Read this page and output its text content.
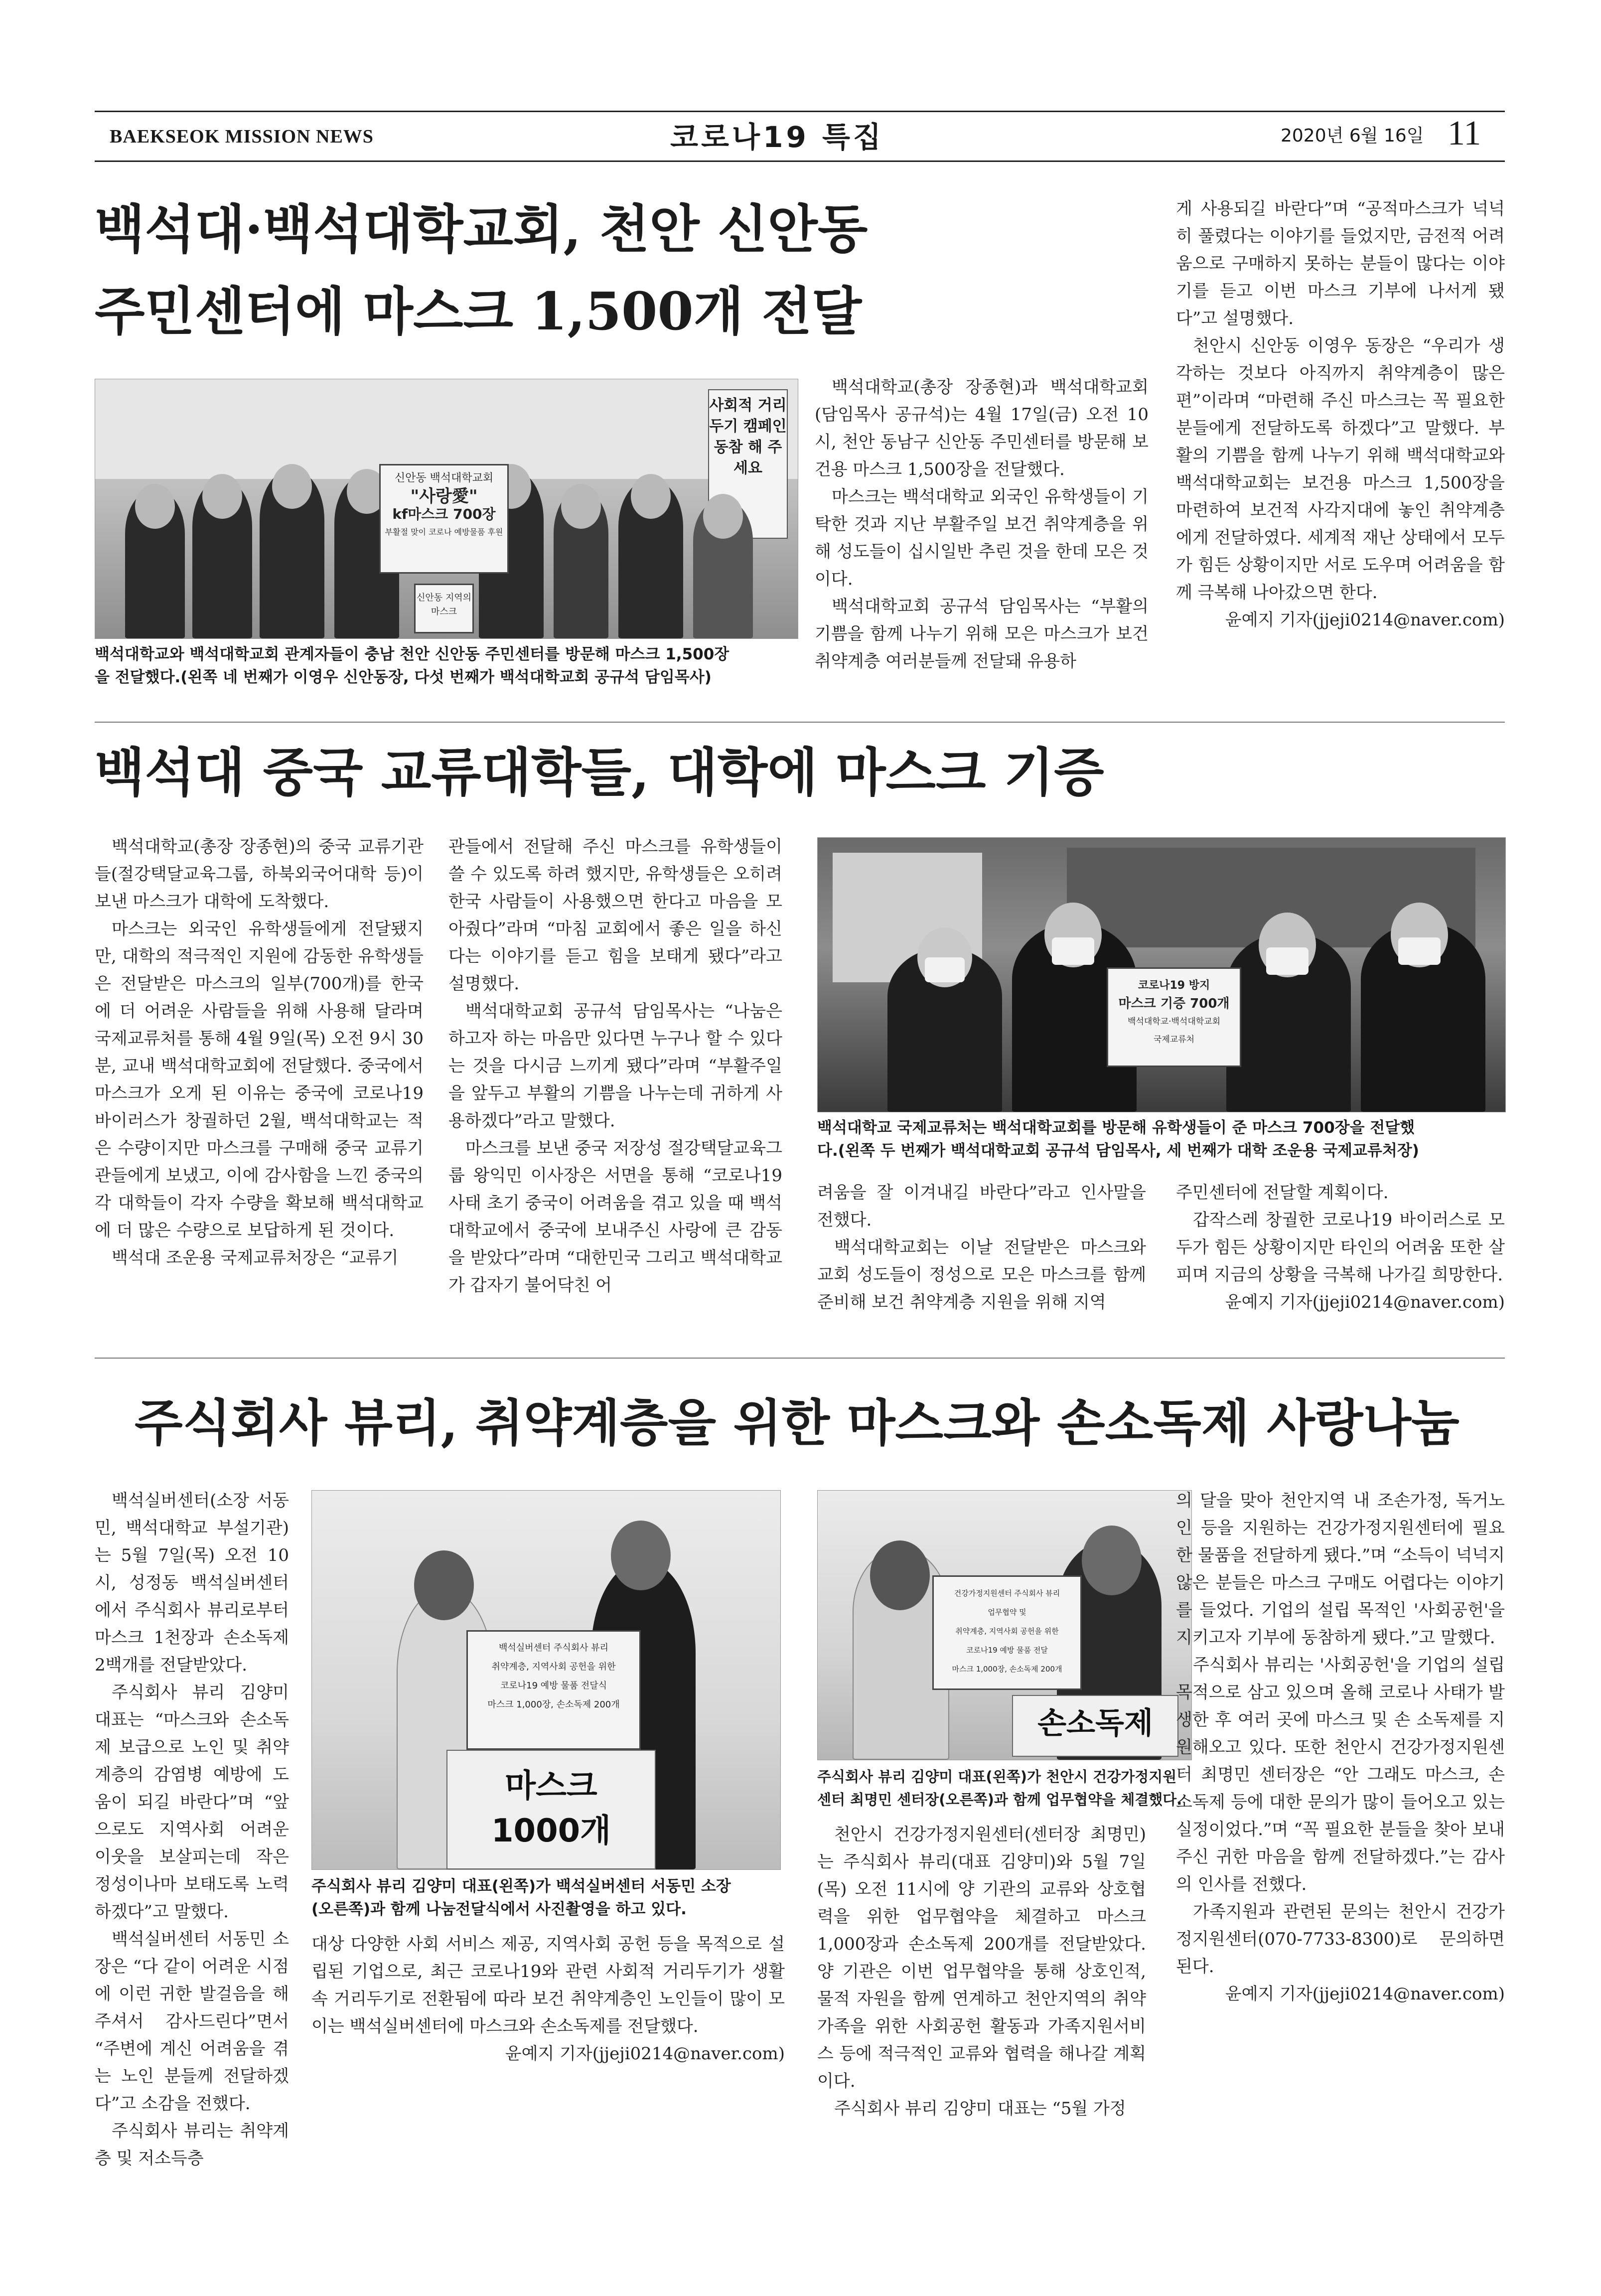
BAEKSEOK MISSION NEWS	코로나19 특집	2020년 6월 16일 11
백석대·백석대학교회, 천안 신안동
주민센터에 마스크 1,500개 전달
사회적 거리두기 캠페인 동참 해 주세요
신안동 백석대학교회
"사랑愛"
kf마스크 700장
부활절 맞이 코로나 예방물품 후원
신안동 지역의 마스크
백석대학교와 백석대학교회 관계자들이 충남 천안 신안동 주민센터를 방문해 마스크 1,500장
을 전달했다.(왼쪽 네 번째가 이영우 신안동장, 다섯 번째가 백석대학교회 공규석 담임목사)

백석대학교(총장 장종현)과 백석대학교회(담임목사 공규석)는 4월 17일(금) 오전 10시, 천안 동남구 신안동 주민센터를 방문해 보건용 마스크 1,500장을 전달했다.

마스크는 백석대학교 외국인 유학생들이 기탁한 것과 지난 부활주일 보건 취약계층을 위해 성도들이 십시일반 추린 것을 한데 모은 것이다.

백석대학교회 공규석 담임목사는 “부활의 기쁨을 함께 나누기 위해 모은 마스크가 보건 취약계층 여러분들께 전달돼 유용하

게 사용되길 바란다”며 “공적마스크가 넉넉히 풀렸다는 이야기를 들었지만, 금전적 어려움으로 구매하지 못하는 분들이 많다는 이야기를 듣고 이번 마스크 기부에 나서게 됐다”고 설명했다.

천안시 신안동 이영우 동장은 “우리가 생각하는 것보다 아직까지 취약계층이 많은 편”이라며 “마련해 주신 마스크는 꼭 필요한 분들에게 전달하도록 하겠다”고 말했다. 부활의 기쁨을 함께 나누기 위해 백석대학교와 백석대학교회는 보건용 마스크 1,500장을 마련하여 보건적 사각지대에 놓인 취약계층에게 전달하였다. 세계적 재난 상태에서 모두가 힘든 상황이지만 서로 도우며 어려움을 함께 극복해 나아갔으면 한다.

윤예지 기자(jjeji0214@naver.com)

백석대 중국 교류대학들, 대학에 마스크 기증

백석대학교(총장 장종현)의 중국 교류기관들(절강택달교육그룹, 하북외국어대학 등)이 보낸 마스크가 대학에 도착했다.

마스크는 외국인 유학생들에게 전달됐지만, 대학의 적극적인 지원에 감동한 유학생들은 전달받은 마스크의 일부(700개)를 한국에 더 어려운 사람들을 위해 사용해 달라며 국제교류처를 통해 4월 9일(목) 오전 9시 30분, 교내 백석대학교회에 전달했다. 중국에서 마스크가 오게 된 이유는 중국에 코로나19 바이러스가 창궐하던 2월, 백석대학교는 적은 수량이지만 마스크를 구매해 중국 교류기관들에게 보냈고, 이에 감사함을 느낀 중국의 각 대학들이 각자 수량을 확보해 백석대학교에 더 많은 수량으로 보답하게 된 것이다.

백석대 조운용 국제교류처장은 “교류기

관들에서 전달해 주신 마스크를 유학생들이 쓸 수 있도록 하려 했지만, 유학생들은 오히려 한국 사람들이 사용했으면 한다고 마음을 모아줬다”라며 “마침 교회에서 좋은 일을 하신다는 이야기를 듣고 힘을 보태게 됐다”라고 설명했다.

백석대학교회 공규석 담임목사는 “나눔은 하고자 하는 마음만 있다면 누구나 할 수 있다는 것을 다시금 느끼게 됐다”라며 “부활주일을 앞두고 부활의 기쁨을 나누는데 귀하게 사용하겠다”라고 말했다.

마스크를 보낸 중국 저장성 절강택달교육그룹 왕익민 이사장은 서면을 통해 “코로나19 사태 초기 중국이 어려움을 겪고 있을 때 백석대학교에서 중국에 보내주신 사랑에 큰 감동을 받았다”라며 “대한민국 그리고 백석대학교가 갑자기 불어닥친 어

코로나19 방지
마스크 기증 700개
백석대학교·백석대학교회
국제교류처
백석대학교 국제교류처는 백석대학교회를 방문해 유학생들이 준 마스크 700장을 전달했
다.(왼쪽 두 번째가 백석대학교회 공규석 담임목사, 세 번째가 대학 조운용 국제교류처장)

려움을 잘 이겨내길 바란다”라고 인사말을 전했다.

백석대학교회는 이날 전달받은 마스크와 교회 성도들이 정성으로 모은 마스크를 함께 준비해 보건 취약계층 지원을 위해 지역

주민센터에 전달할 계획이다.

갑작스레 창궐한 코로나19 바이러스로 모두가 힘든 상황이지만 타인의 어려움 또한 살피며 지금의 상황을 극복해 나가길 희망한다.

윤예지 기자(jjeji0214@naver.com)

주식회사 뷰리, 취약계층을 위한 마스크와 손소독제 사랑나눔

백석실버센터(소장 서동민, 백석대학교 부설기관)는 5월 7일(목) 오전 10시, 성정동 백석실버센터에서 주식회사 뷰리로부터 마스크 1천장과 손소독제 2백개를 전달받았다.

주식회사 뷰리 김양미 대표는 “마스크와 손소독제 보급으로 노인 및 취약계층의 감염병 예방에 도움이 되길 바란다”며 “앞으로도 지역사회 어려운 이웃을 보살피는데 작은 정성이나마 보태도록 노력하겠다”고 말했다.

백석실버센터 서동민 소장은 “다 같이 어려운 시점에 이런 귀한 발걸음을 해주셔서 감사드린다”면서 “주변에 계신 어려움을 겪는 노인 분들께 전달하겠다”고 소감을 전했다.

주식회사 뷰리는 취약계층 및 저소득층

백석실버센터 주식회사 뷰리
취약계층, 지역사회 공헌을 위한
코로나19 예방 물품 전달식
마스크 1,000장, 손소독제 200개
마스크
1000개
주식회사 뷰리 김양미 대표(왼쪽)가 백석실버센터 서동민 소장
(오른쪽)과 함께 나눔전달식에서 사진촬영을 하고 있다.

대상 다양한 사회 서비스 제공, 지역사회 공헌 등을 목적으로 설립된 기업으로, 최근 코로나19와 관련 사회적 거리두기가 생활 속 거리두기로 전환됨에 따라 보건 취약계층인 노인들이 많이 모이는 백석실버센터에 마스크와 손소독제를 전달했다.

윤예지 기자(jjeji0214@naver.com)

건강가정지원센터 주식회사 뷰리
업무협약 및
취약계층, 지역사회 공헌을 위한
코로나19 예방 물품 전달
마스크 1,000장, 손소독제 200개
손소독제
주식회사 뷰리 김양미 대표(왼쪽)가 천안시 건강가정지원
센터 최명민 센터장(오른쪽)과 함께 업무협약을 체결했다.

천안시 건강가정지원센터(센터장 최명민)는 주식회사 뷰리(대표 김양미)와 5월 7일(목) 오전 11시에 양 기관의 교류와 상호협력을 위한 업무협약을 체결하고 마스크 1,000장과 손소독제 200개를 전달받았다. 양 기관은 이번 업무협약을 통해 상호인적, 물적 자원을 함께 연계하고 천안지역의 취약가족을 위한 사회공헌 활동과 가족지원서비스 등에 적극적인 교류와 협력을 해나갈 계획이다.

주식회사 뷰리 김양미 대표는 “5월 가정

의 달을 맞아 천안지역 내 조손가정, 독거노인 등을 지원하는 건강가정지원센터에 필요한 물품을 전달하게 됐다.”며 “소득이 넉넉지 않은 분들은 마스크 구매도 어렵다는 이야기를 들었다. 기업의 설립 목적인 '사회공헌'을 지키고자 기부에 동참하게 됐다.”고 말했다.

주식회사 뷰리는 '사회공헌'을 기업의 설립 목적으로 삼고 있으며 올해 코로나 사태가 발생한 후 여러 곳에 마스크 및 손 소독제를 지원해오고 있다. 또한 천안시 건강가정지원센터 최명민 센터장은 “안 그래도 마스크, 손 소독제 등에 대한 문의가 많이 들어오고 있는 실정이었다.”며 “꼭 필요한 분들을 찾아 보내주신 귀한 마음을 함께 전달하겠다.”는 감사의 인사를 전했다.

가족지원과 관련된 문의는 천안시 건강가정지원센터(070-7733-8300)로 문의하면 된다.

윤예지 기자(jjeji0214@naver.com)
